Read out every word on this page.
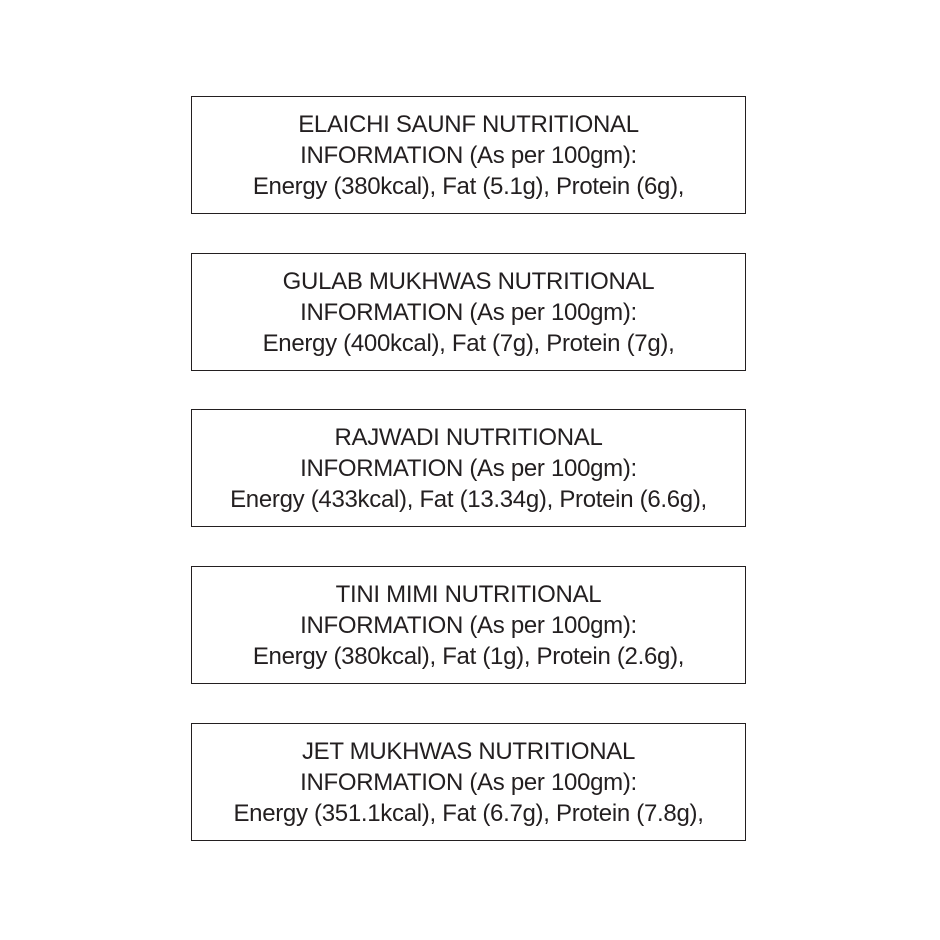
ELAICHI SAUNF NUTRITIONAL
INFORMATION (As per 100gm):
Energy (380kcal), Fat (5.1g), Protein (6g),
GULAB MUKHWAS NUTRITIONAL
INFORMATION (As per 100gm):
Energy (400kcal), Fat (7g), Protein (7g),
RAJWADI NUTRITIONAL
INFORMATION (As per 100gm):
Energy (433kcal), Fat (13.34g), Protein (6.6g),
TINI MIMI NUTRITIONAL
INFORMATION (As per 100gm):
Energy (380kcal), Fat (1g), Protein (2.6g),
JET MUKHWAS NUTRITIONAL
INFORMATION (As per 100gm):
Energy (351.1kcal), Fat (6.7g), Protein (7.8g),
